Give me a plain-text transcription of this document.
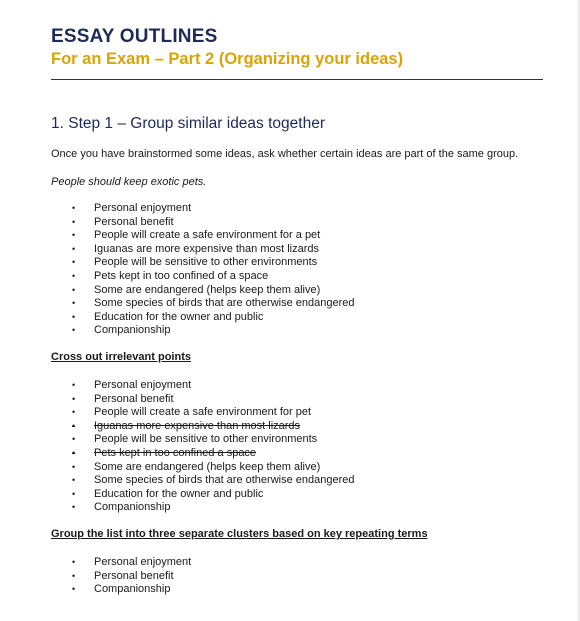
ESSAY OUTLINES
For an Exam – Part 2 (Organizing your ideas)
1. Step 1 – Group similar ideas together

Once you have brainstormed some ideas, ask whether certain ideas are part of the same group.

People should keep exotic pets.

•	Personal enjoyment
•	Personal benefit
•	People will create a safe environment for a pet
•	Iguanas are more expensive than most lizards
•	People will be sensitive to other environments
•	Pets kept in too confined of a space
•	Some are endangered (helps keep them alive)
•	Some species of birds that are otherwise endangered
•	Education for the owner and public
•	Companionship

Cross out irrelevant points

•	Personal enjoyment
•	Personal benefit
•	People will create a safe environment for pet
•	Iguanas more expensive than most lizards
•	People will be sensitive to other environments
•	Pets kept in too confined a space
•	Some are endangered (helps keep them alive)
•	Some species of birds that are otherwise endangered
•	Education for the owner and public
•	Companionship

Group the list into three separate clusters based on key repeating terms

•	Personal enjoyment
•	Personal benefit
•	Companionship
